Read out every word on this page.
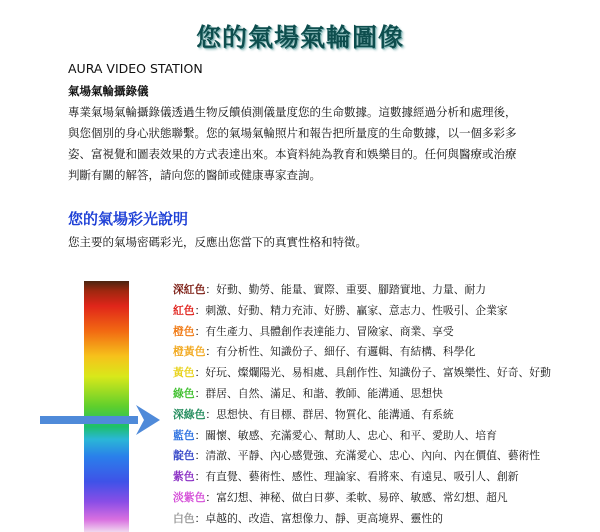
您的氣場氣輪圖像
AURA VIDEO STATION
氣場氣輪攝錄儀
專業氣場氣輪攝錄儀透過生物反饋偵測儀量度您的生命數據。這數據經過分析和處理後，
與您個別的身心狀態聯繫。您的氣場氣輪照片和報告把所量度的生命數據，以一個多彩多
姿、富視覺和圖表效果的方式表達出來。本資料純為教育和娛樂目的。任何與醫療或治療
判斷有關的解答，請向您的醫師或健康專家查詢。
您的氣場彩光說明
您主要的氣場密碼彩光，反應出您當下的真實性格和特徵。
深紅色：好動、勤勞、能量、實際、重要、腳踏實地、力量、耐力
紅色：刺激、好動、精力充沛、好勝、贏家、意志力、性吸引、企業家
橙色：有生產力、具體創作表達能力、冒險家、商業、享受
橙黃色：有分析性、知識份子、細仔、有邏輯、有結構、科學化
黃色：好玩、燦爛陽光、易相處、具創作性、知識份子、富娛樂性、好奇、好動
綠色：群居、自然、滿足、和諧、教師、能溝通、思想快
深綠色：思想快、有目標、群居、物質化、能溝通、有系統
藍色：關懷、敏感、充滿愛心、幫助人、忠心、和平、愛助人、培育
靛色：清澈、平靜、內心感覺強、充滿愛心、忠心、內向、內在價值、藝術性
紫色：有直覺、藝術性、感性、理論家、看將來、有遠見、吸引人、創新
淡紫色：富幻想、神秘、做白日夢、柔軟、易碎、敏感、常幻想、超凡
白色：卓越的、改造、富想像力、靜、更高境界、靈性的
